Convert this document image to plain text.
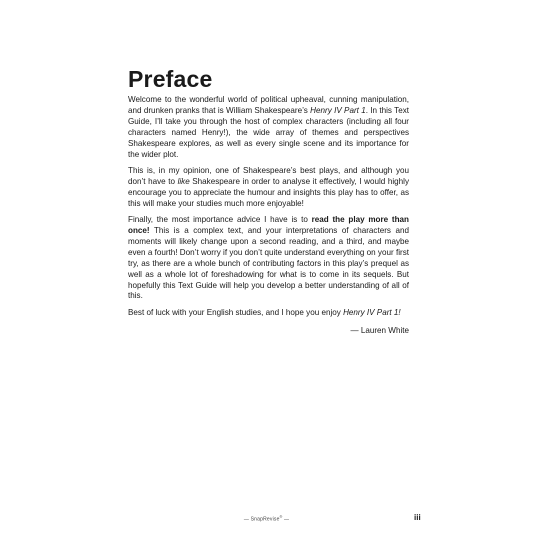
Preface

Welcome to the wonderful world of political upheaval, cunning manipulation, and drunken pranks that is William Shakespeare’s Henry IV Part 1. In this Text Guide, I’ll take you through the host of complex characters (including all four characters named Henry!), the wide array of themes and perspectives Shakespeare explores, as well as every single scene and its importance for the wider plot.

This is, in my opinion, one of Shakespeare’s best plays, and although you don’t have to like Shakespeare in order to analyse it effectively, I would highly encourage you to appreciate the humour and insights this play has to offer, as this will make your studies much more enjoyable!

Finally, the most importance advice I have is to read the play more than once! This is a complex text, and your interpretations of characters and moments will likely change upon a second reading, and a third, and maybe even a fourth! Don’t worry if you don’t quite understand everything on your first try, as there are a whole bunch of contributing factors in this play’s prequel as well as a whole lot of foreshadowing for what is to come in its sequels. But hopefully this Text Guide will help you develop a better understanding of all of this.

Best of luck with your English studies, and I hope you enjoy Henry IV Part 1!

— Lauren White

— SnapRevise® —	iii
